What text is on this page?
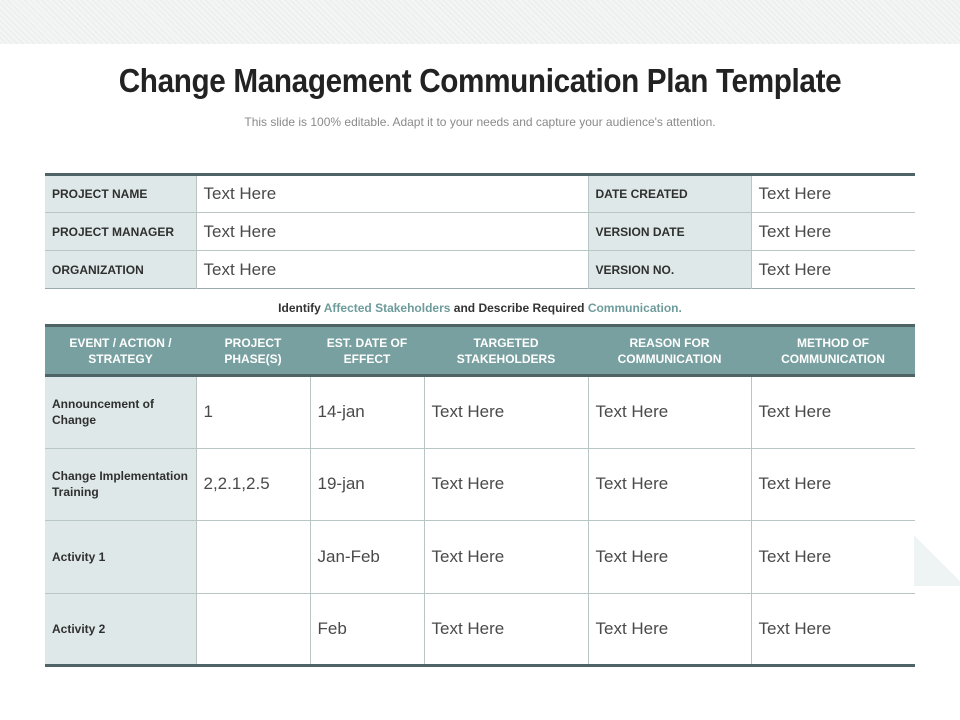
Change Management Communication Plan Template

This slide is 100% editable. Adapt it to your needs and capture your audience's attention.

PROJECT NAME	Text Here	DATE CREATED	Text Here
PROJECT MANAGER	Text Here	VERSION DATE	Text Here
ORGANIZATION	Text Here	VERSION NO.	Text Here

Identify Affected Stakeholders and Describe Required Communication.

EVENT / ACTION / STRATEGY	PROJECT PHASE(S)	EST. DATE OF EFFECT	TARGETED STAKEHOLDERS	REASON FOR COMMUNICATION	METHOD OF COMMUNICATION
Announcement of Change	1	14-jan	Text Here	Text Here	Text Here
Change Implementation Training	2,2.1,2.5	19-jan	Text Here	Text Here	Text Here
Activity 1		Jan-Feb	Text Here	Text Here	Text Here
Activity 2		Feb	Text Here	Text Here	Text Here
